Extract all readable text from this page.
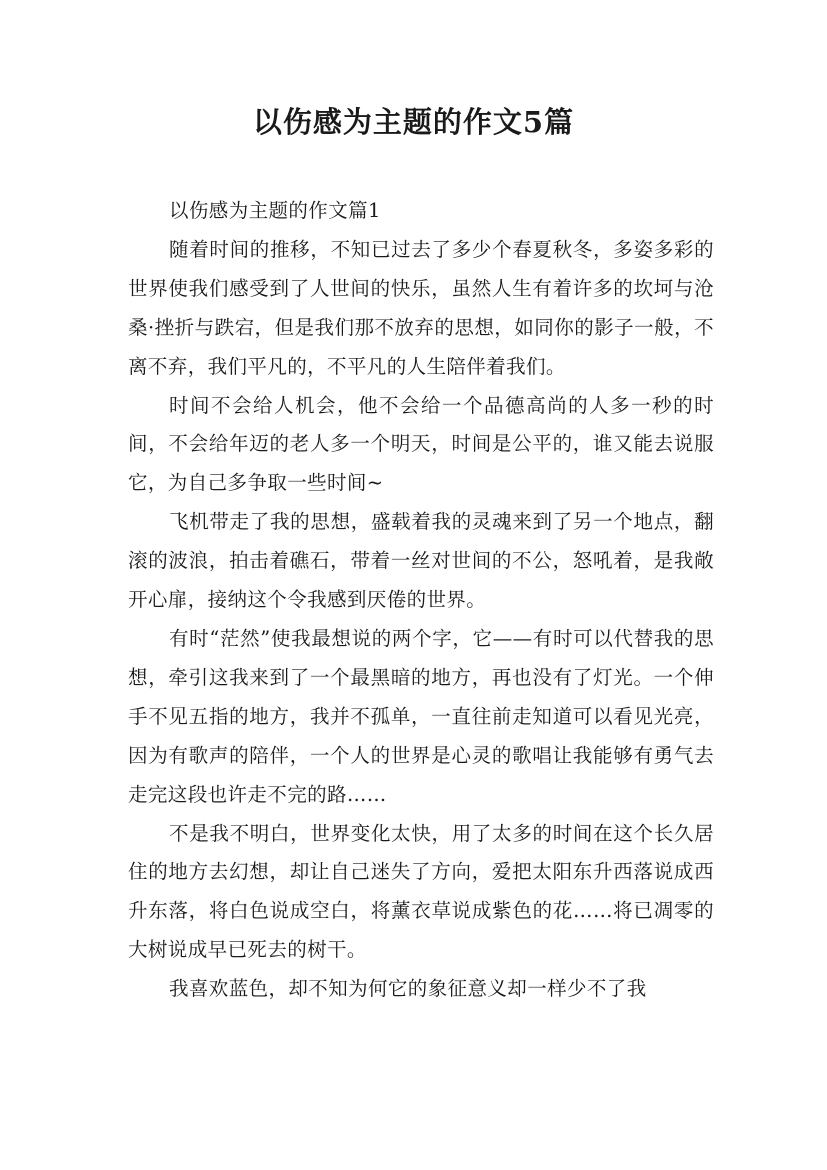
以伤感为主题的作文5篇

以伤感为主题的作文篇1

随着时间的推移，不知已过去了多少个春夏秋冬，多姿多彩的世界使我们感受到了人世间的快乐，虽然人生有着许多的坎坷与沧桑·挫折与跌宕，但是我们那不放弃的思想，如同你的影子一般，不离不弃，我们平凡的，不平凡的人生陪伴着我们。

时间不会给人机会，他不会给一个品德高尚的人多一秒的时间，不会给年迈的老人多一个明天，时间是公平的，谁又能去说服它，为自己多争取一些时间~

飞机带走了我的思想，盛载着我的灵魂来到了另一个地点，翻滚的波浪，拍击着礁石，带着一丝对世间的不公，怒吼着，是我敞开心扉，接纳这个令我感到厌倦的世界。

有时“茫然”使我最想说的两个字，它——有时可以代替我的思想，牵引这我来到了一个最黑暗的地方，再也没有了灯光。一个伸手不见五指的地方，我并不孤单，一直往前走知道可以看见光亮，因为有歌声的陪伴，一个人的世界是心灵的歌唱让我能够有勇气去走完这段也许走不完的路……

不是我不明白，世界变化太快，用了太多的时间在这个长久居住的地方去幻想，却让自己迷失了方向，爱把太阳东升西落说成西升东落，将白色说成空白，将薰衣草说成紫色的花……将已凋零的大树说成早已死去的树干。

我喜欢蓝色，却不知为何它的象征意义却一样少不了我
